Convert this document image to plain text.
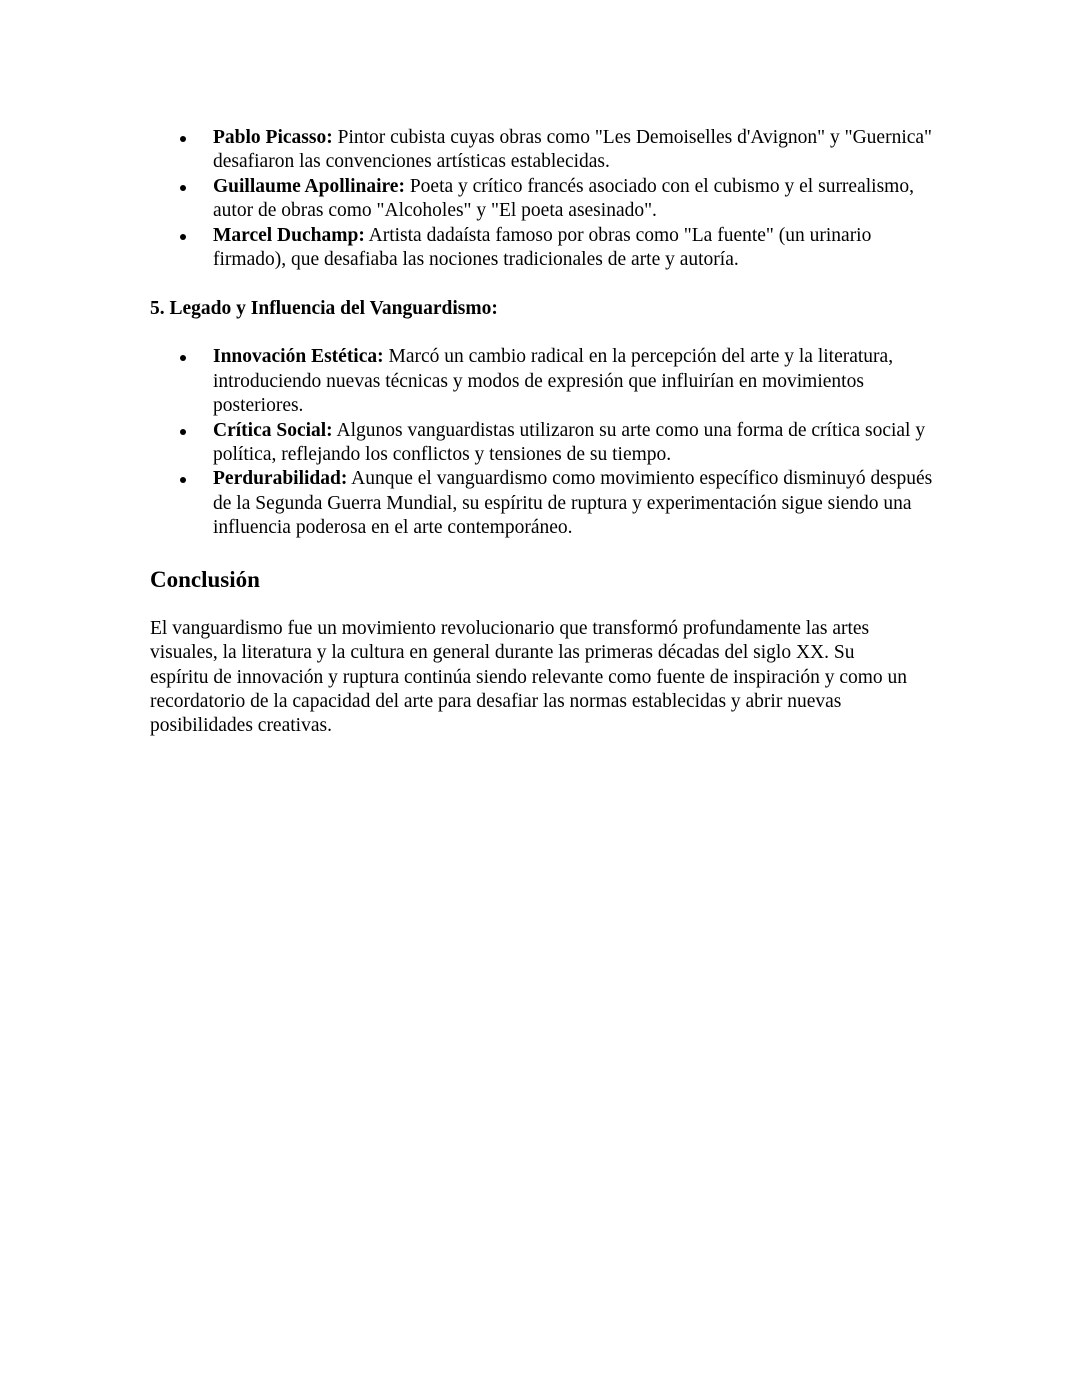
Pablo Picasso: Pintor cubista cuyas obras como "Les Demoiselles d'Avignon" y "Guernica" desafiaron las convenciones artísticas establecidas.
Guillaume Apollinaire: Poeta y crítico francés asociado con el cubismo y el surrealismo, autor de obras como "Alcoholes" y "El poeta asesinado".
Marcel Duchamp: Artista dadaísta famoso por obras como "La fuente" (un urinario firmado), que desafiaba las nociones tradicionales de arte y autoría.
5. Legado y Influencia del Vanguardismo:
Innovación Estética: Marcó un cambio radical en la percepción del arte y la literatura, introduciendo nuevas técnicas y modos de expresión que influirían en movimientos posteriores.
Crítica Social: Algunos vanguardistas utilizaron su arte como una forma de crítica social y política, reflejando los conflictos y tensiones de su tiempo.
Perdurabilidad: Aunque el vanguardismo como movimiento específico disminuyó después de la Segunda Guerra Mundial, su espíritu de ruptura y experimentación sigue siendo una influencia poderosa en el arte contemporáneo.
Conclusión

El vanguardismo fue un movimiento revolucionario que transformó profundamente las artes visuales, la literatura y la cultura en general durante las primeras décadas del siglo XX. Su espíritu de innovación y ruptura continúa siendo relevante como fuente de inspiración y como un recordatorio de la capacidad del arte para desafiar las normas establecidas y abrir nuevas posibilidades creativas.
